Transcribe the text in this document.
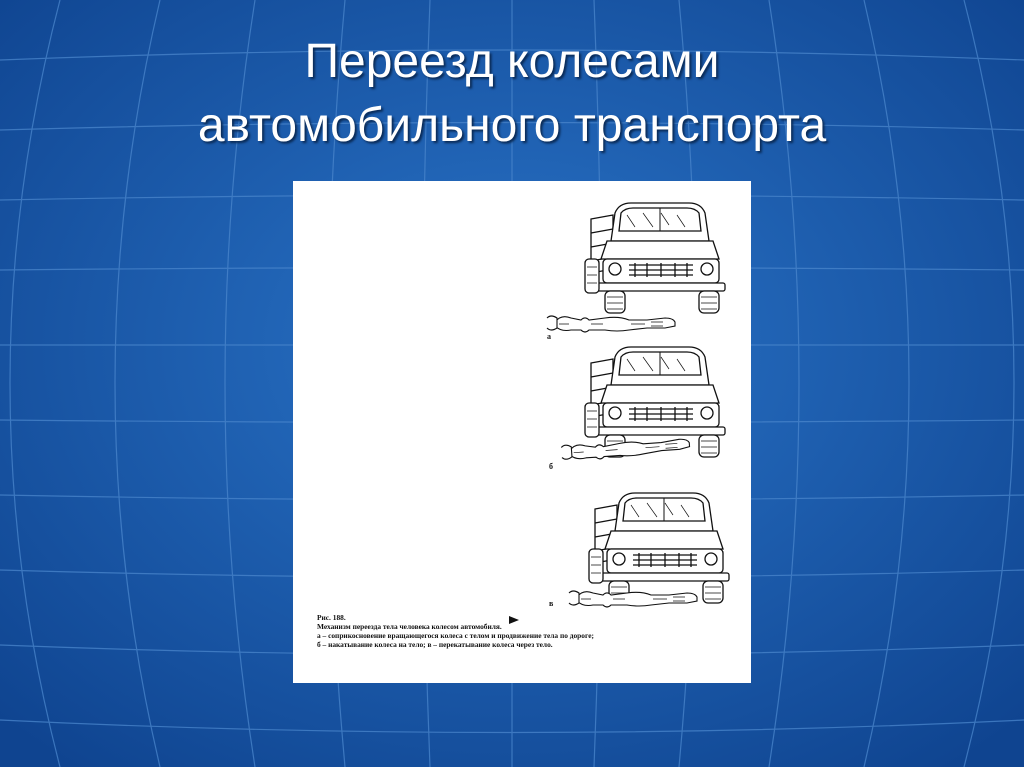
Переезд колесами
автомобильного транспорта
а
б
в
Рис. 188.
Механизм переезда тела человека колесом автомобиля.
а – соприкосновение вращающегося колеса с телом и продвижение тела по дороге;
б – накатывание колеса на тело; в – перекатывание колеса через тело.
